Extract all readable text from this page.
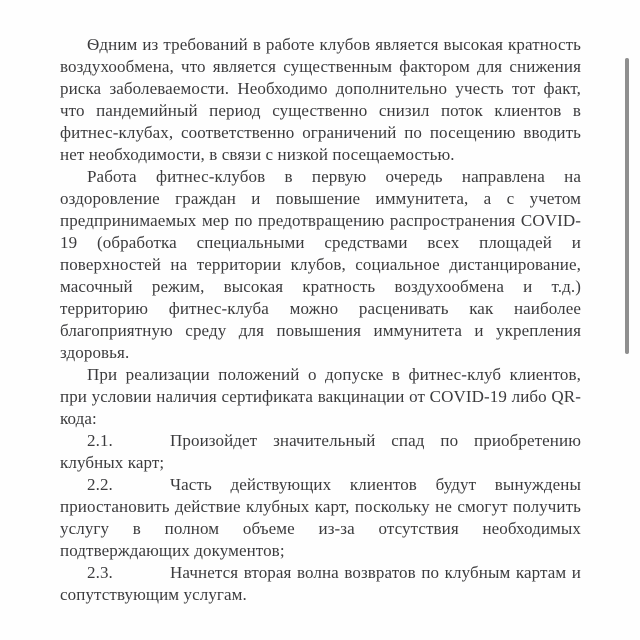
Ѳдним из требований в работе клубов является высокая кратность воздухообмена, что является существенным фактором для снижения риска заболеваемости. Необходимо дополнительно учесть тот факт, что пандемийный период существенно снизил поток клиентов в фитнес-клубах, соответственно ограничений по посещению вводить нет необходимости, в связи с низкой посещаемостью.

Работа фитнес-клубов в первую очередь направлена на оздоровление граждан и повышение иммунитета, а с учетом предпринимаемых мер по предотвращению распространения COVID-19 (обработка специальными средствами всех площадей и поверхностей на территории клубов, социальное дистанцирование, масочный режим, высокая кратность воздухообмена и т.д.) территорию фитнес-клуба можно расценивать как наиболее благоприятную среду для повышения иммунитета и укрепления здоровья.

При реализации положений о допуске в фитнес-клуб клиентов, при условии наличия сертификата вакцинации от COVID-19 либо QR-кода:

2.1.	Произойдет значительный спад по приобретению клубных карт;

2.2.	Часть действующих клиентов будут вынуждены приостановить действие клубных карт, поскольку не смогут получить услугу в полном объеме из-за отсутствия необходимых подтверждающих документов;

2.3.	Начнется вторая волна возвратов по клубным картам и сопутствующим услугам.
